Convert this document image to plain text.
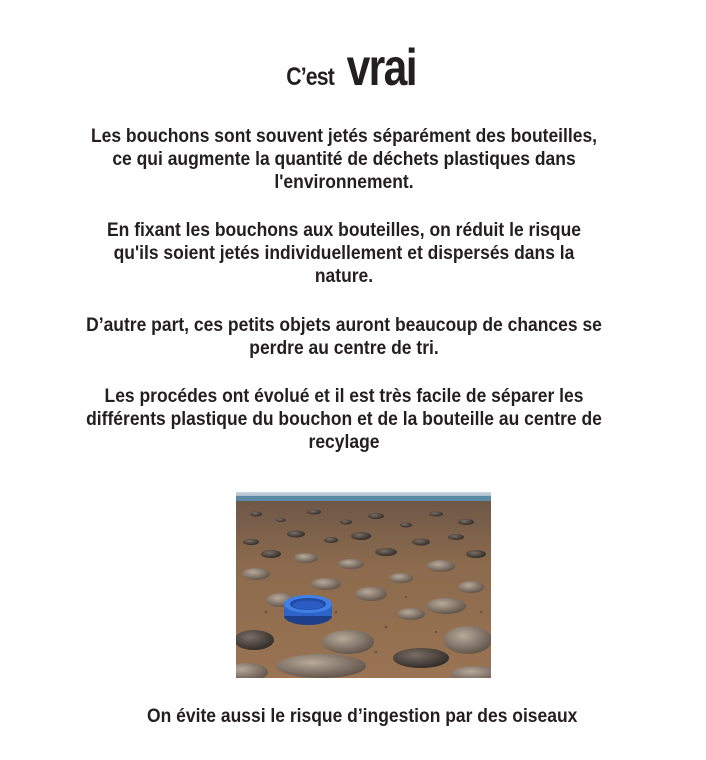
C’est vrai
Les bouchons sont souvent jetés séparément des bouteilles, ce qui augmente la quantité de déchets plastiques dans l'environnement.
En fixant les bouchons aux bouteilles, on réduit le risque qu'ils soient jetés individuellement et dispersés dans la nature.
D’autre part, ces petits objets auront beaucoup de chances se perdre au centre de tri.
Les procédes ont évolué et il est très facile de séparer les différents plastique du bouchon et de la bouteille au centre de recylage
On évite aussi le risque d’ingestion par des oiseaux
